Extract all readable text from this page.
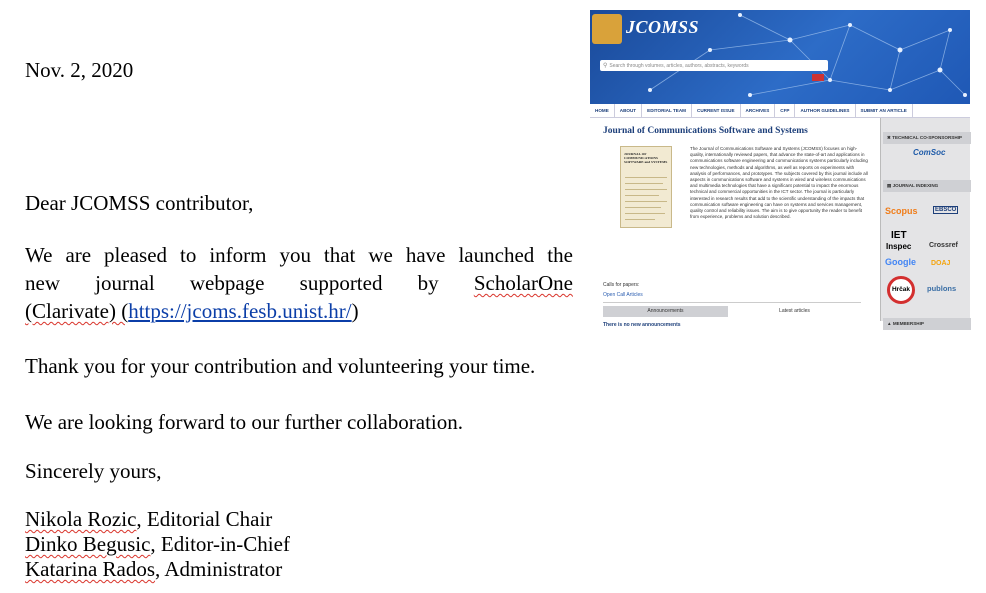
Nov. 2, 2020

Dear JCOMSS contributor,

We are pleased to inform you that we have launched the
new journal webpage supported by ScholarOne
(Clarivate) (https://jcoms.fesb.unist.hr/)

Thank you for your contribution and volunteering your time.

We are looking forward to our further collaboration.

Sincerely yours,

Nikola Rozic, Editorial Chair

Dinko Begusic, Editor-in-Chief

Katarina Rados, Administrator

JCOMSS
⚲ Search through volumes, articles, authors, abstracts, keywords
HOME	ABOUT	EDITORIAL TEAM	CURRENT ISSUE	ARCHIVES	CFP	AUTHOR GUIDELINES	SUBMIT AN ARTICLE
Journal of Communications Software and Systems
JOURNAL OF COMMUNICATIONS SOFTWARE and SYSTEMS
The Journal of Communications Software and Systems (JCOMSS) focuses on high-quality, internationally reviewed papers, that advance the state-of-art and applications in communications software engineering and communications systems particularly including new technologies, methods and algorithms, as well as reports on experiments with analysis of performances, and prototypes. The subjects covered by this journal include all aspects in communications software and systems in wired and wireless communications and multimedia technologies that have a significant potential to impact the enormous technical and commercial opportunities in the ICT sector. The journal is particularly interested in research results that add to the scientific understanding of the impacts that communication software engineering can have on systems and services management, quality control and reliability issues. The aim is to give opportunity the reader to benefit from experience, problems and solution described.
Calls for papers:
Open Call Articles
Announcements	Latest articles
There is no new announcements
✖ TECHNICAL CO-SPONSORSHIP
ComSoc
▤ JOURNAL INDEXING
Scopus	EBSCO
IET
Inspec	Crossref
Google DOAJ
Hrčak	publons
▲ MEMBERSHIP
